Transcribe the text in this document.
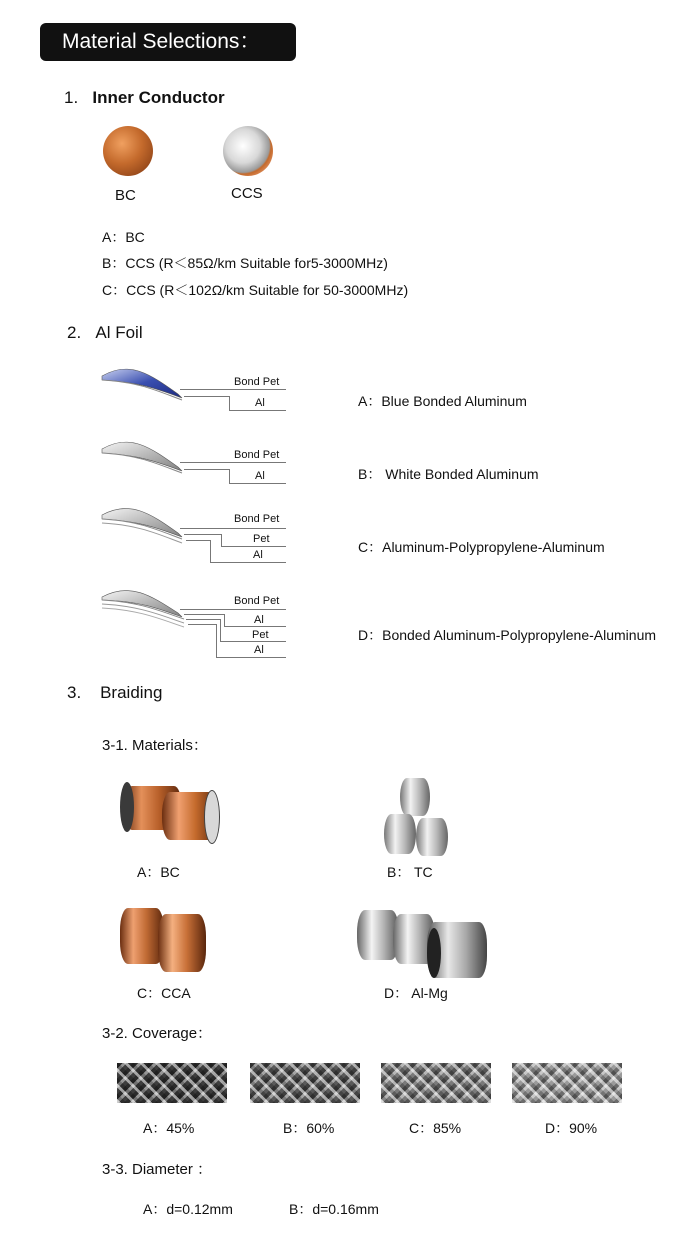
Material Selections：
1. Inner Conductor
BC	CCS
A：BC
B：CCS (R＜85Ω/km Suitable for5-3000MHz)
C：CCS (R＜102Ω/km Suitable for 50-3000MHz)
2. Al Foil
Bond Pet
Al	A：Blue Bonded Aluminum
Bond Pet
Al	B： White Bonded Aluminum
Bond Pet
Pet
Al	C：Aluminum-Polypropylene-Aluminum
Bond Pet
Al
Pet
Al
D：Bonded Aluminum-Polypropylene-Aluminum
3. Braiding
3-1. Materials：
A：BC	B： TC
C：CCA	D： Al-Mg
3-2. Coverage：
A：45%	B：60%	C：85%	D：90%
3-3. Diameter ：
A：d=0.12mm	B：d=0.16mm
